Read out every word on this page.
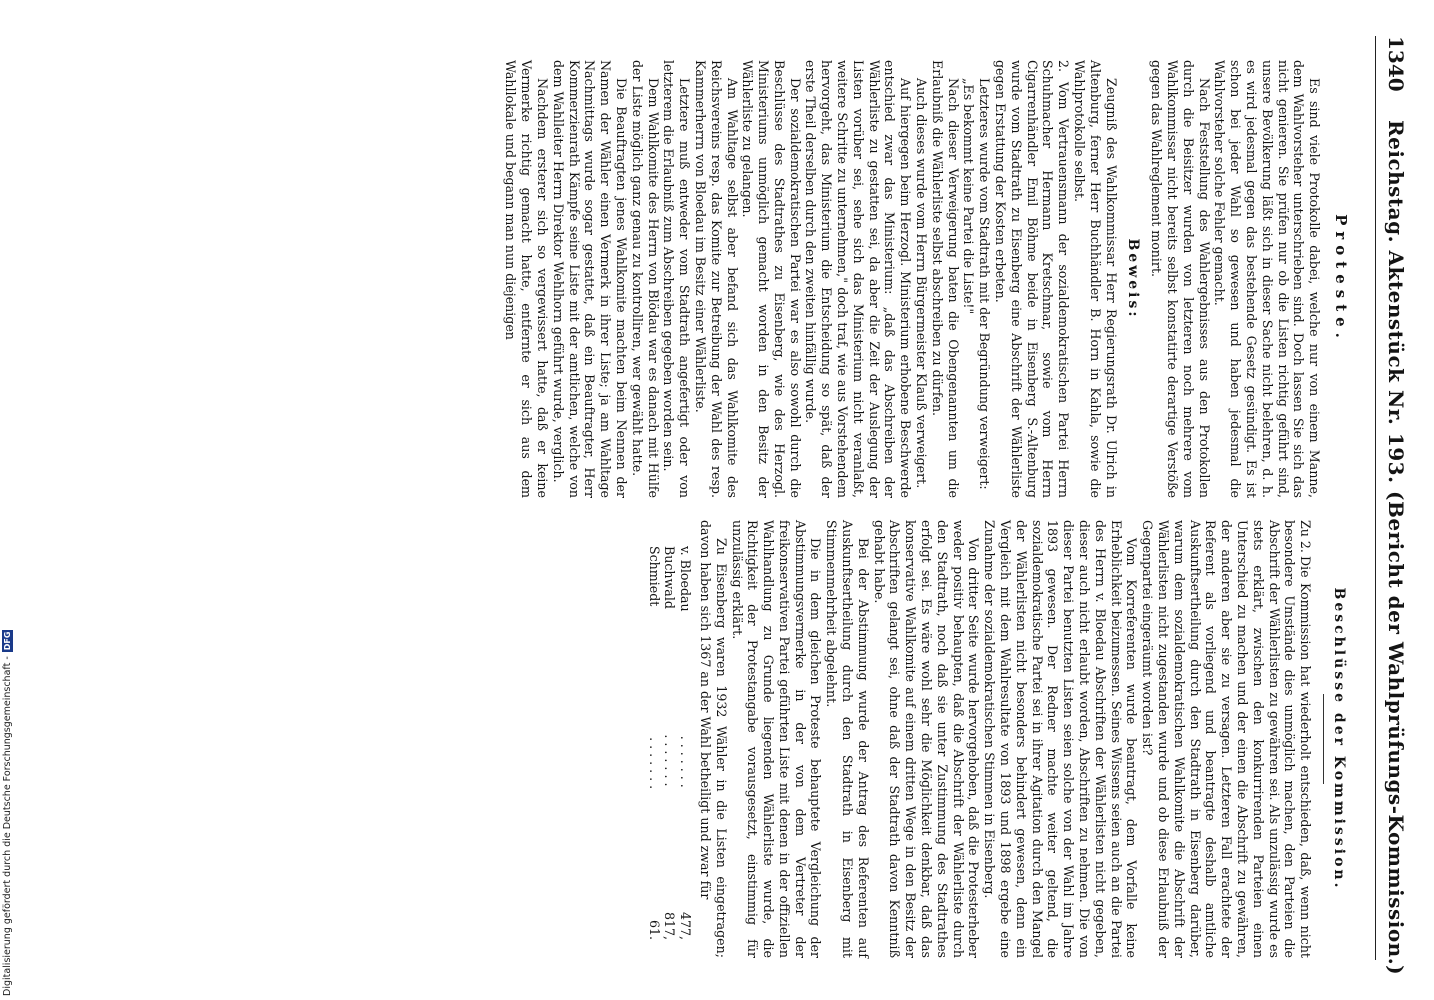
1340
Reichstag. Aktenstück Nr. 193. (Bericht der Wahlprüfungs-Kommission.)
Proteste.

Es sind viele Protokolle dabei, welche nur von einem Manne, dem Wahlvorsteher unterschrieben sind. Doch lassen Sie sich das nicht genieren. Sie prüfen nur ob die Listen richtig geführt sind, unsere Bevölkerung läßt sich in dieser Sache nicht belehren, d. h. es wird jedesmal gegen das bestehende Gesetz gesündigt. Es ist schon bei jeder Wahl so gewesen und haben jedesmal die Wahlvorsteher solche Fehler gemacht.

Nach Feststellung des Wahlergebnisses aus den Protokollen durch die Beisitzer wurden von letzteren noch mehrere vom Wahlkommissar nicht bereits selbst konstatirte derartige Verstöße gegen das Wahlreglement monirt.

Beweis:

Zeugniß des Wahlkommissar Herr Regierungsrath Dr. Ulrich in Altenburg, ferner Herr Buchhändler B. Horn in Kahla, sowie die Wahlprotokolle selbst.

2.Vom Vertrauensmann der sozialdemokratischen Partei Herrn Schuhmacher Hermann Kretschmar, sowie vom Herrn Cigarrenhändler Emil Böhme beide in Eisenberg S.-Altenburg wurde vom Stadtrath zu Eisenberg eine Abschrift der Wählerliste gegen Erstattung der Kosten erbeten.

Letzteres wurde vom Stadtrath mit der Begründung verweigert:

„Es bekommt keine Partei die Liste!"

Nach dieser Verweigerung baten die Obengenannten um die Erlaubniß die Wählerliste selbst abschreiben zu dürfen.

Auch dieses wurde vom Herrn Bürgermeister Klauß verweigert.

Auf hiergegen beim Herzogl. Ministerium erhobene Beschwerde entschied zwar das Ministerium: „daß das Abschreiben der Wählerliste zu gestatten sei, da aber die Zeit der Auslegung der Listen vorüber sei, sehe sich das Ministerium nicht veranlaßt, weitere Schritte zu unternehmen," doch traf, wie aus Vorstehendem hervorgeht, das Ministerium die Entscheidung so spät, daß der erste Theil derselben durch den zweiten hinfällig wurde.

Der sozialdemokratischen Partei war es also sowohl durch die Beschlüsse des Stadtrathes zu Eisenberg, wie des Herzogl. Ministeriums unmöglich gemacht worden in den Besitz der Wählerliste zu gelangen.

Am Wahltage selbst aber befand sich das Wahlkomite des Reichsvereins resp. das Komite zur Betreibung der Wahl des resp. Kammerherrn von Bloedau im Besitz einer Wählerliste.

Letztere muß entweder vom Stadtrath angefertigt oder von letzterem die Erlaubniß zum Abschreiben gegeben worden sein.

Dem Wahlkomite des Herrn von Blödau war es danach mit Hülfe der Liste möglich ganz genau zu kontrolliren, wer gewählt hatte.

Die Beauftragten jenes Wahlkomite machten beim Nennen der Namen der Wähler einen Vermerk in ihrer Liste; ja am Wahltage Nachmittags wurde sogar gestattet, daß ein Beauftragter, Herr Kommerzienrath Kämpfe seine Liste mit der amtlichen, welche von dem Wahlleiter Herrn Direktor Wehlhorn geführt wurde, verglich.

Nachdem ersterer sich so vergewissert hatte, daß er keine Vermerke richtig gemacht hatte, entfernte er sich aus dem Wahllokale und begann man nun diejenigen

Beschlüsse der Kommission.

Zu 2.Die Kommission hat wiederholt entschieden, daß, wenn nicht besondere Umstände dies unmöglich machen, den Parteien die Abschrift der Wählerlisten zu gewähren sei. Als unzulässig wurde es stets erklärt, zwischen den konkurrirenden Parteien einen Unterschied zu machen und der einen die Abschrift zu gewähren, der anderen aber sie zu versagen. Letzteren Fall erachtete der Referent als vorliegend und beantragte deshalb amtliche Auskunftsertheilung durch den Stadtrath in Eisenberg darüber, warum dem sozialdemokratischen Wahlkomite die Abschrift der Wählerlisten nicht zugestanden wurde und ob diese Erlaubniß der Gegenpartei eingeräumt worden ist?

Vom Korreferenten wurde beantragt, dem Vorfalle keine Erheblichkeit beizumessen. Seines Wissens seien auch an die Partei des Herrn v. Bloedau Abschriften der Wählerlisten nicht gegeben, dieser auch nicht erlaubt worden, Abschriften zu nehmen. Die von dieser Partei benutzten Listen seien solche von der Wahl im Jahre 1893 gewesen. Der Redner machte weiter geltend, die sozialdemokratische Partei sei in ihrer Agitation durch den Mangel der Wählerlisten nicht besonders behindert gewesen, denn ein Vergleich mit dem Wahlresultate von 1893 und 1898 ergebe eine Zunahme der sozialdemokratischen Stimmen in Eisenberg.

Von dritter Seite wurde hervorgehoben, daß die Protesterheber weder positiv behaupten, daß die Abschrift der Wählerliste durch den Stadtrath, noch daß sie unter Zustimmung des Stadtrathes erfolgt sei. Es wäre wohl sehr die Möglichkeit denkbar, daß das konservative Wahlkomite auf einem dritten Wege in den Besitz der Abschriften gelangt sei, ohne daß der Stadtrath davon Kenntniß gehabt habe.

Bei der Abstimmung wurde der Antrag des Referenten auf Auskunftsertheilung durch den Stadtrath in Eisenberg mit Stimmenmehrheit abgelehnt.

Die in dem gleichen Proteste behauptete Vergleichung der Abstimmungsvermerke in der von dem Vertreter der freikonservativen Partei geführten Liste mit denen in der offiziellen Wahlhandlung zu Grunde liegenden Wählerliste wurde, die Richtigkeit der Protestangabe vorausgesetzt, einstimmig für unzulässig erklärt.

Zu Eisenberg waren 1932 Wähler in die Listen eingetragen; davon haben sich 1367 an der Wahl betheiligt und zwar für

v. Bloedau
. . . . . . .
477,
Buchwald
. . . . . . .
817,
Schmiedt
. . . . . . .
61.
Digitalisierung gefördert durch die Deutsche Forschungsgemeinschaft -DFG
